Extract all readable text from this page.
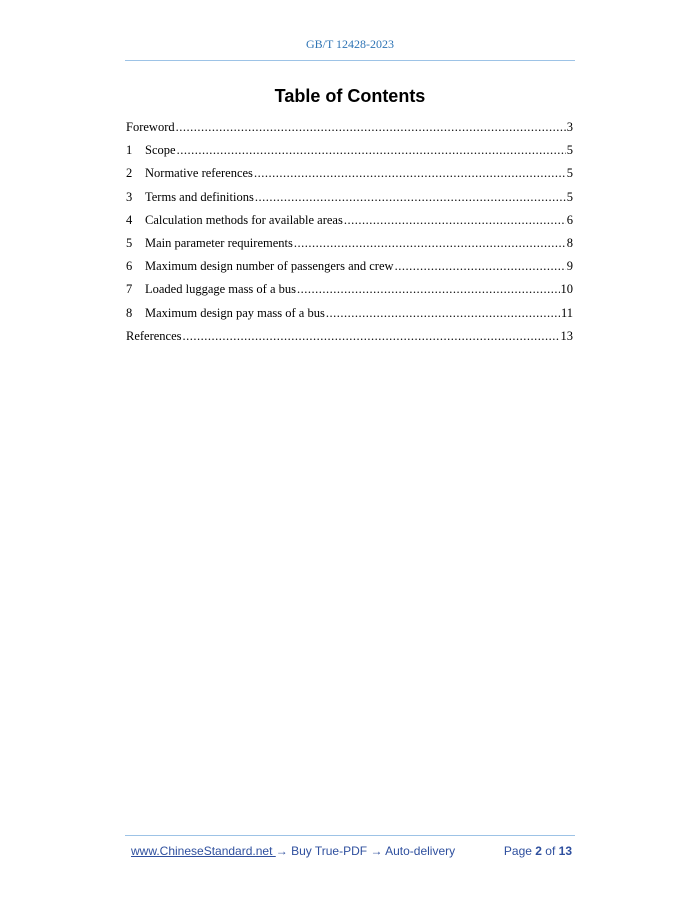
GB/T 12428-2023
Table of Contents
Foreword .....	3
1	Scope .....	5
2	Normative references .....	5
3	Terms and definitions .....	5
4	Calculation methods for available areas .....	6
5	Main parameter requirements .....	8
6	Maximum design number of passengers and crew .....	9
7	Loaded luggage mass of a bus .....	10
8	Maximum design pay mass of a bus .....	11
References .....	13
www.ChineseStandard.net → Buy True-PDF → Auto-delivery	Page 2 of 13
